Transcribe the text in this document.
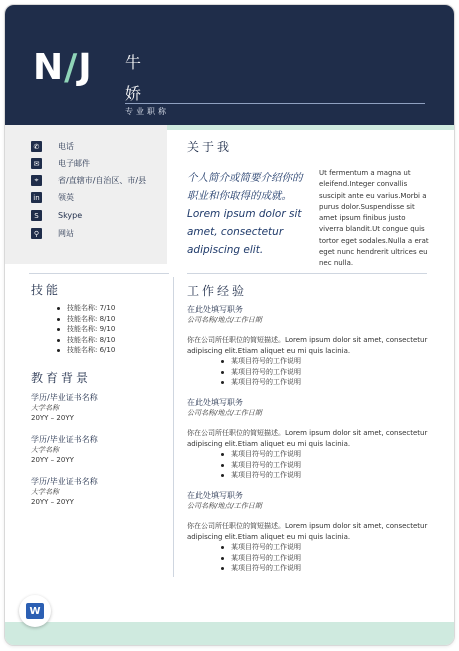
N/J 牛
娇
专业职称
✆	电话
✉	电子邮件
⌖	省/直辖市/自治区、市/县
in 领英
S	Skype
⚲	网站
关于我
个人简介或简要介绍你的职业和你取得的成就。Lorem ipsum dolor sit amet, consectetur adipiscing elit.
Ut fermentum a magna ut eleifend.Integer convallis suscipit ante eu varius.Morbi a purus dolor.Suspendisse sit amet ipsum finibus justo viverra blandit.Ut congue quis tortor eget sodales.Nulla a erat eget nunc hendrerit ultrices eu nec nulla.
技能
技能名称: 7/10
技能名称: 8/10
技能名称: 9/10
技能名称: 8/10
技能名称: 6/10
教育背景
学历/毕业证书名称
大学名称
20YY – 20YY
学历/毕业证书名称
大学名称
20YY – 20YY
学历/毕业证书名称
大学名称
20YY – 20YY
工作经验
在此处填写职务
公司名称/地点/工作日期
你在公司所任职位的简短描述。Lorem ipsum dolor sit amet, consectetur adipiscing elit.Etiam aliquet eu mi quis lacinia.
某项目符号的工作说明
某项目符号的工作说明
某项目符号的工作说明
在此处填写职务
公司名称/地点/工作日期
你在公司所任职位的简短描述。Lorem ipsum dolor sit amet, consectetur adipiscing elit.Etiam aliquet eu mi quis lacinia.
某项目符号的工作说明
某项目符号的工作说明
某项目符号的工作说明
在此处填写职务
公司名称/地点/工作日期
你在公司所任职位的简短描述。Lorem ipsum dolor sit amet, consectetur adipiscing elit.Etiam aliquet eu mi quis lacinia.
某项目符号的工作说明
某项目符号的工作说明
某项目符号的工作说明
W
